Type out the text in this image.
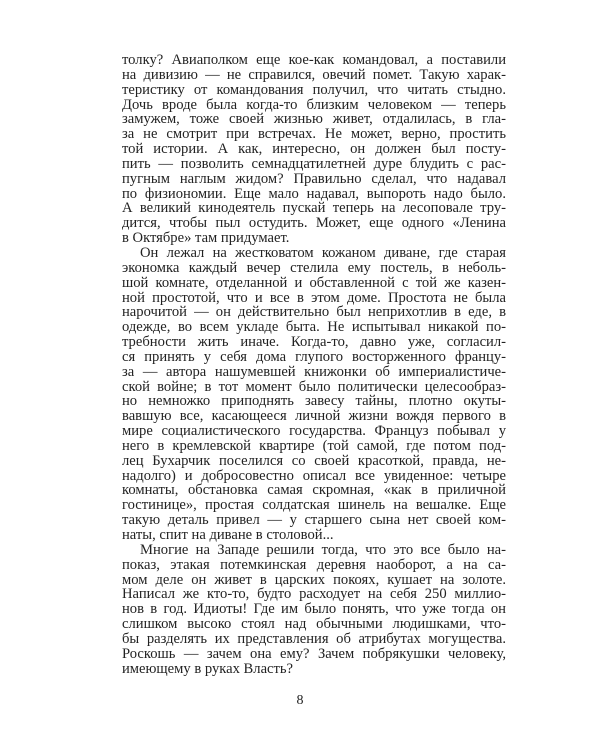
толку? Авиаполком еще кое-как командовал, а поставили
на дивизию — не справился, овечий помет. Такую харак-
теристику от командования получил, что читать стыдно.
Дочь вроде была когда-то близким человеком — теперь
замужем, тоже своей жизнью живет, отдалилась, в гла-
за не смотрит при встречах. Не может, верно, простить
той истории. А как, интересно, он должен был посту-
пить — позволить семнадцатилетней дуре блудить с рас-
пугным наглым жидом? Правильно сделал, что надавал
по физиономии. Еще мало надавал, выпороть надо было.
А великий кинодеятель пускай теперь на лесоповале тру-
дится, чтобы пыл остудить. Может, еще одного «Ленина
в Октябре» там придумает.
Он лежал на жестковатом кожаном диване, где старая
экономка каждый вечер стелила ему постель, в неболь-
шой комнате, отделанной и обставленной с той же казен-
ной простотой, что и все в этом доме. Простота не была
нарочитой — он действительно был неприхотлив в еде, в
одежде, во всем укладе быта. Не испытывал никакой по-
требности жить иначе. Когда-то, давно уже, согласил-
ся принять у себя дома глупого восторженного францу-
за — автора нашумевшей книжонки об империалистиче-
ской войне; в тот момент было политически целесообраз-
но немножко приподнять завесу тайны, плотно окуты-
вавшую все, касающееся личной жизни вождя первого в
мире социалистического государства. Француз побывал у
него в кремлевской квартире (той самой, где потом под-
лец Бухарчик поселился со своей красоткой, правда, не-
надолго) и добросовестно описал все увиденное: четыре
комнаты, обстановка самая скромная, «как в приличной
гостинице», простая солдатская шинель на вешалке. Еще
такую деталь привел — у старшего сына нет своей ком-
наты, спит на диване в столовой...
Многие на Западе решили тогда, что это все было на-
показ, этакая потемкинская деревня наоборот, а на са-
мом деле он живет в царских покоях, кушает на золоте.
Написал же кто-то, будто расходует на себя 250 миллио-
нов в год. Идиоты! Где им было понять, что уже тогда он
слишком высоко стоял над обычными людишками, что-
бы разделять их представления об атрибутах могущества.
Роскошь — зачем она ему? Зачем побрякушки человеку,
имеющему в руках Власть?
8
